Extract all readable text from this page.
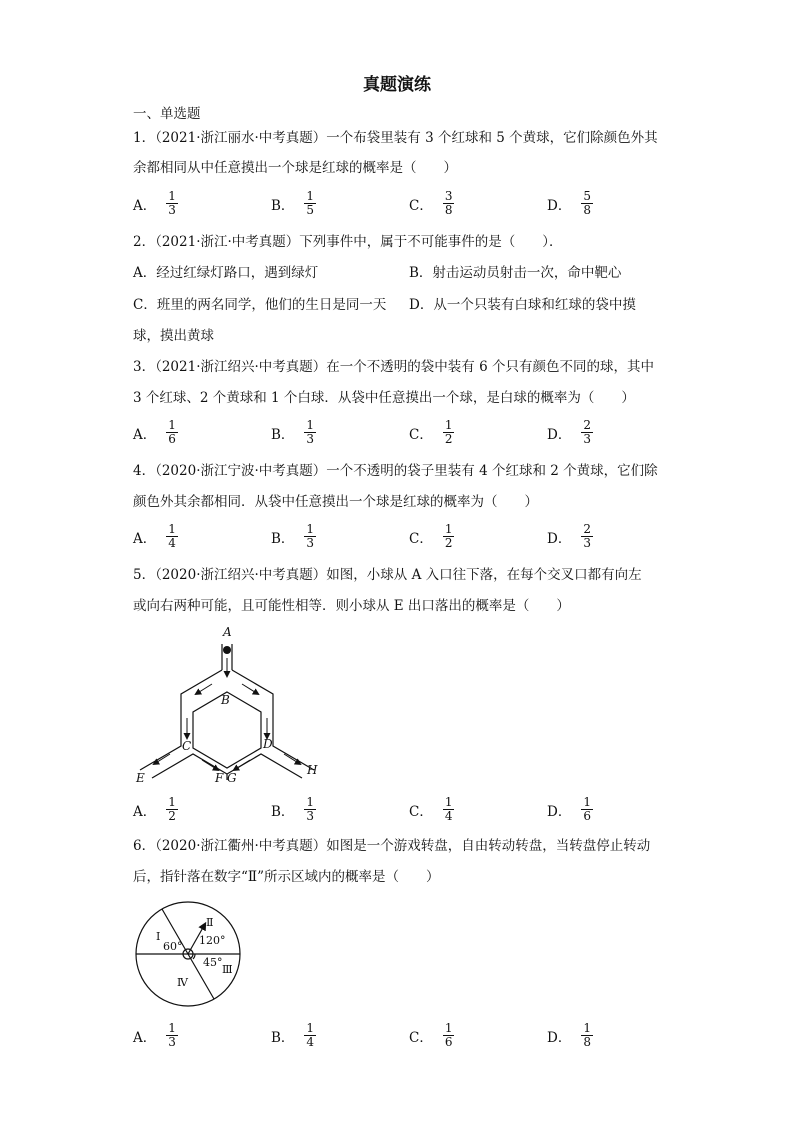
真题演练
一、单选题
1．（2021·浙江丽水·中考真题）一个布袋里装有 3 个红球和 5 个黄球，它们除颜色外其
余都相同从中任意摸出一个球是红球的概率是（　　）
A． $\frac{1}{3}$	B． $\frac{1}{5}$	C． $\frac{3}{8}$	D． $\frac{5}{8}$
2．（2021·浙江·中考真题）下列事件中，属于不可能事件的是（　　）．
A．经过红绿灯路口，遇到绿灯	B．射击运动员射击一次，命中靶心
C．班里的两名同学，他们的生日是同一天 D．从一个只装有白球和红球的袋中摸
球，摸出黄球
3．（2021·浙江绍兴·中考真题）在一个不透明的袋中装有 6 个只有颜色不同的球，其中
3 个红球、2 个黄球和 1 个白球．从袋中任意摸出一个球，是白球的概率为（　　）
A． $\frac{1}{6}$	B． $\frac{1}{3}$	C． $\frac{1}{2}$	D． $\frac{2}{3}$
4．（2020·浙江宁波·中考真题）一个不透明的袋子里装有 4 个红球和 2 个黄球，它们除
颜色外其余都相同．从袋中任意摸出一个球是红球的概率为（　　）
A． $\frac{1}{4}$	B． $\frac{1}{3}$	C． $\frac{1}{2}$	D． $\frac{2}{3}$
5．（2020·浙江绍兴·中考真题）如图，小球从 A 入口往下落，在每个交叉口都有向左
或向右两种可能，且可能性相等．则小球从 E 出口落出的概率是（　　）
A
B
C	D
E	F G
H
A． $\frac{1}{2}$	B． $\frac{1}{3}$	C． $\frac{1}{4}$	D． $\frac{1}{6}$
6．（2020·浙江衢州·中考真题）如图是一个游戏转盘，自由转动转盘，当转盘停止转动
后，指针落在数字“Ⅱ”所示区域内的概率是（　　）
Ⅰ
Ⅱ
Ⅲ
Ⅳ
60° 120°
45°
A． $\frac{1}{3}$	B． $\frac{1}{4}$	C． $\frac{1}{6}$	D． $\frac{1}{8}$
